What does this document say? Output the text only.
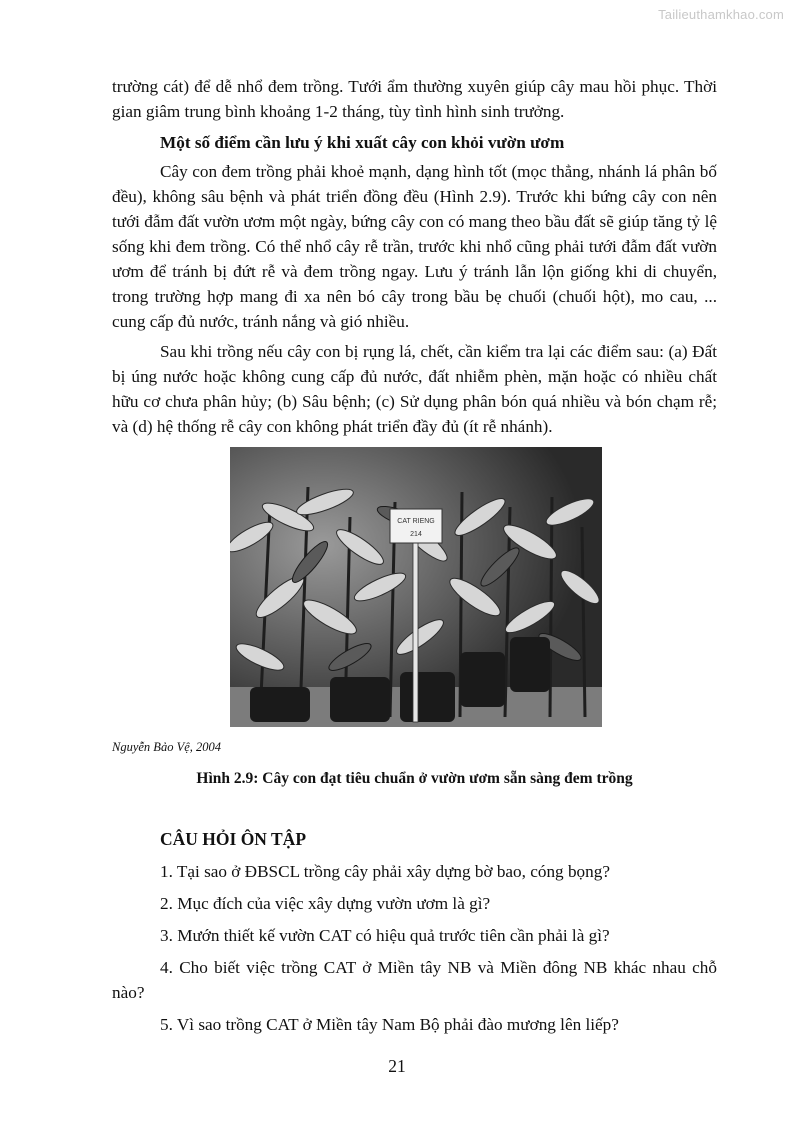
Tailieuthamkhao.com

trường cát) để dễ nhổ đem trồng. Tưới ẩm thường xuyên giúp cây mau hồi phục. Thời gian giâm trung bình khoảng 1-2 tháng, tùy tình hình sinh trưởng.

Một số điểm cần lưu ý khi xuất cây con khỏi vườn ươm

Cây con đem trồng phải khoẻ mạnh, dạng hình tốt (mọc thẳng, nhánh lá phân bố đều), không sâu bệnh và phát triển đồng đều (Hình 2.9). Trước khi bứng cây con nên tưới đẫm đất vườn ươm một ngày, bứng cây con có mang theo bầu đất sẽ giúp tăng tỷ lệ sống khi đem trồng. Có thể nhổ cây rễ trần, trước khi nhổ cũng phải tưới đẫm đất vườn ươm để tránh bị đứt rễ và đem trồng ngay. Lưu ý tránh lẫn lộn giống khi di chuyển, trong trường hợp mang đi xa nên bó cây trong bầu bẹ chuối (chuối hột), mo cau, ... cung cấp đủ nước, tránh nắng và gió nhiều.

Sau khi trồng nếu cây con bị rụng lá, chết, cần kiểm tra lại các điểm sau: (a) Đất bị úng nước hoặc không cung cấp đủ nước, đất nhiễm phèn, mặn hoặc có nhiều chất hữu cơ chưa phân hủy; (b) Sâu bệnh; (c) Sử dụng phân bón quá nhiều và bón chạm rễ; và (d) hệ thống rễ cây con không phát triển đầy đủ (ít rễ nhánh).

CAT RIENG
214

Nguyễn Bảo Vệ, 2004

Hình 2.9: Cây con đạt tiêu chuẩn ở vườn ươm sẵn sàng đem trồng

CÂU HỎI ÔN TẬP

1. Tại sao ở ĐBSCL trồng cây phải xây dựng bờ bao, cóng bọng?

2. Mục đích của việc xây dựng vườn ươm là gì?

3. Mướn thiết kế vườn CAT có hiệu quả trước tiên cần phải là gì?

4. Cho biết việc trồng CAT ở Miền tây NB và Miền đông NB khác nhau chỗ nào?

5. Vì sao trồng CAT ở Miền tây Nam Bộ phải đào mương lên liếp?

21
